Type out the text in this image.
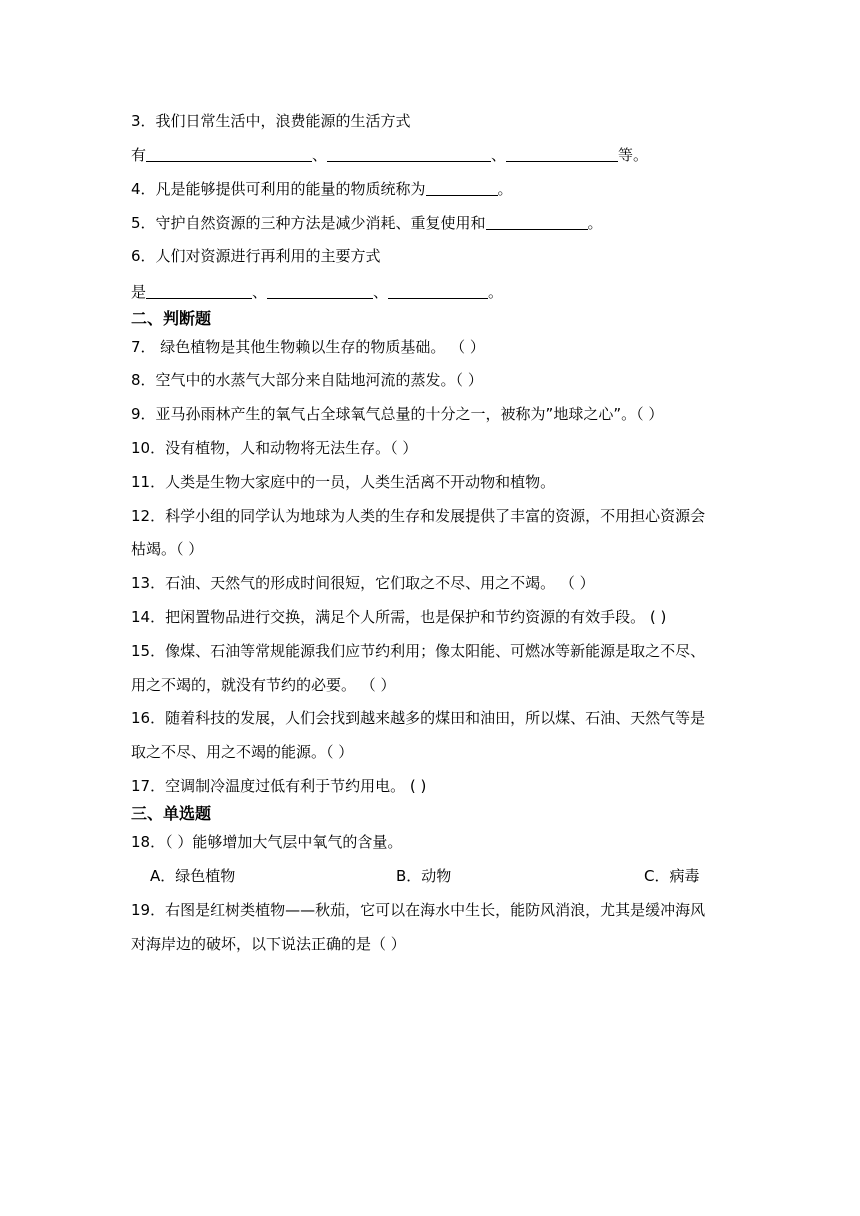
3．我们日常生活中，浪费能源的生活方式
有	、	、	等。
4．凡是能够提供可利用的能量的物质统称为	。
5．守护自然资源的三种方法是减少消耗、重复使用和	。
6．人们对资源进行再利用的主要方式
是	、	、	。
二、判断题
7． 绿色植物是其他生物赖以生存的物质基础。 （ ）
8．空气中的水蒸气大部分来自陆地河流的蒸发。（ ）
9．亚马孙雨林产生的氧气占全球氧气总量的十分之一，被称为”地球之心”。（ ）
10．没有植物，人和动物将无法生存。（ ）
11．人类是生物大家庭中的一员，人类生活离不开动物和植物。
12．科学小组的同学认为地球为人类的生存和发展提供了丰富的资源，不用担心资源会
枯竭。（ ）
13．石油、天然气的形成时间很短，它们取之不尽、用之不竭。 （ ）
14．把闲置物品进行交换，满足个人所需，也是保护和节约资源的有效手段。 ( )
15．像煤、石油等常规能源我们应节约利用；像太阳能、可燃冰等新能源是取之不尽、
用之不竭的，就没有节约的必要。 （ ）
16．随着科技的发展，人们会找到越来越多的煤田和油田，所以煤、石油、天然气等是
取之不尽、用之不竭的能源。（ ）
17．空调制冷温度过低有利于节约用电。 ( )
三、单选题
18．（ ）能够增加大气层中氧气的含量。
A．绿色植物	B．动物	C．病毒
19．右图是红树类植物——秋茄，它可以在海水中生长，能防风消浪，尤其是缓冲海风
对海岸边的破坏，以下说法正确的是（ ）
